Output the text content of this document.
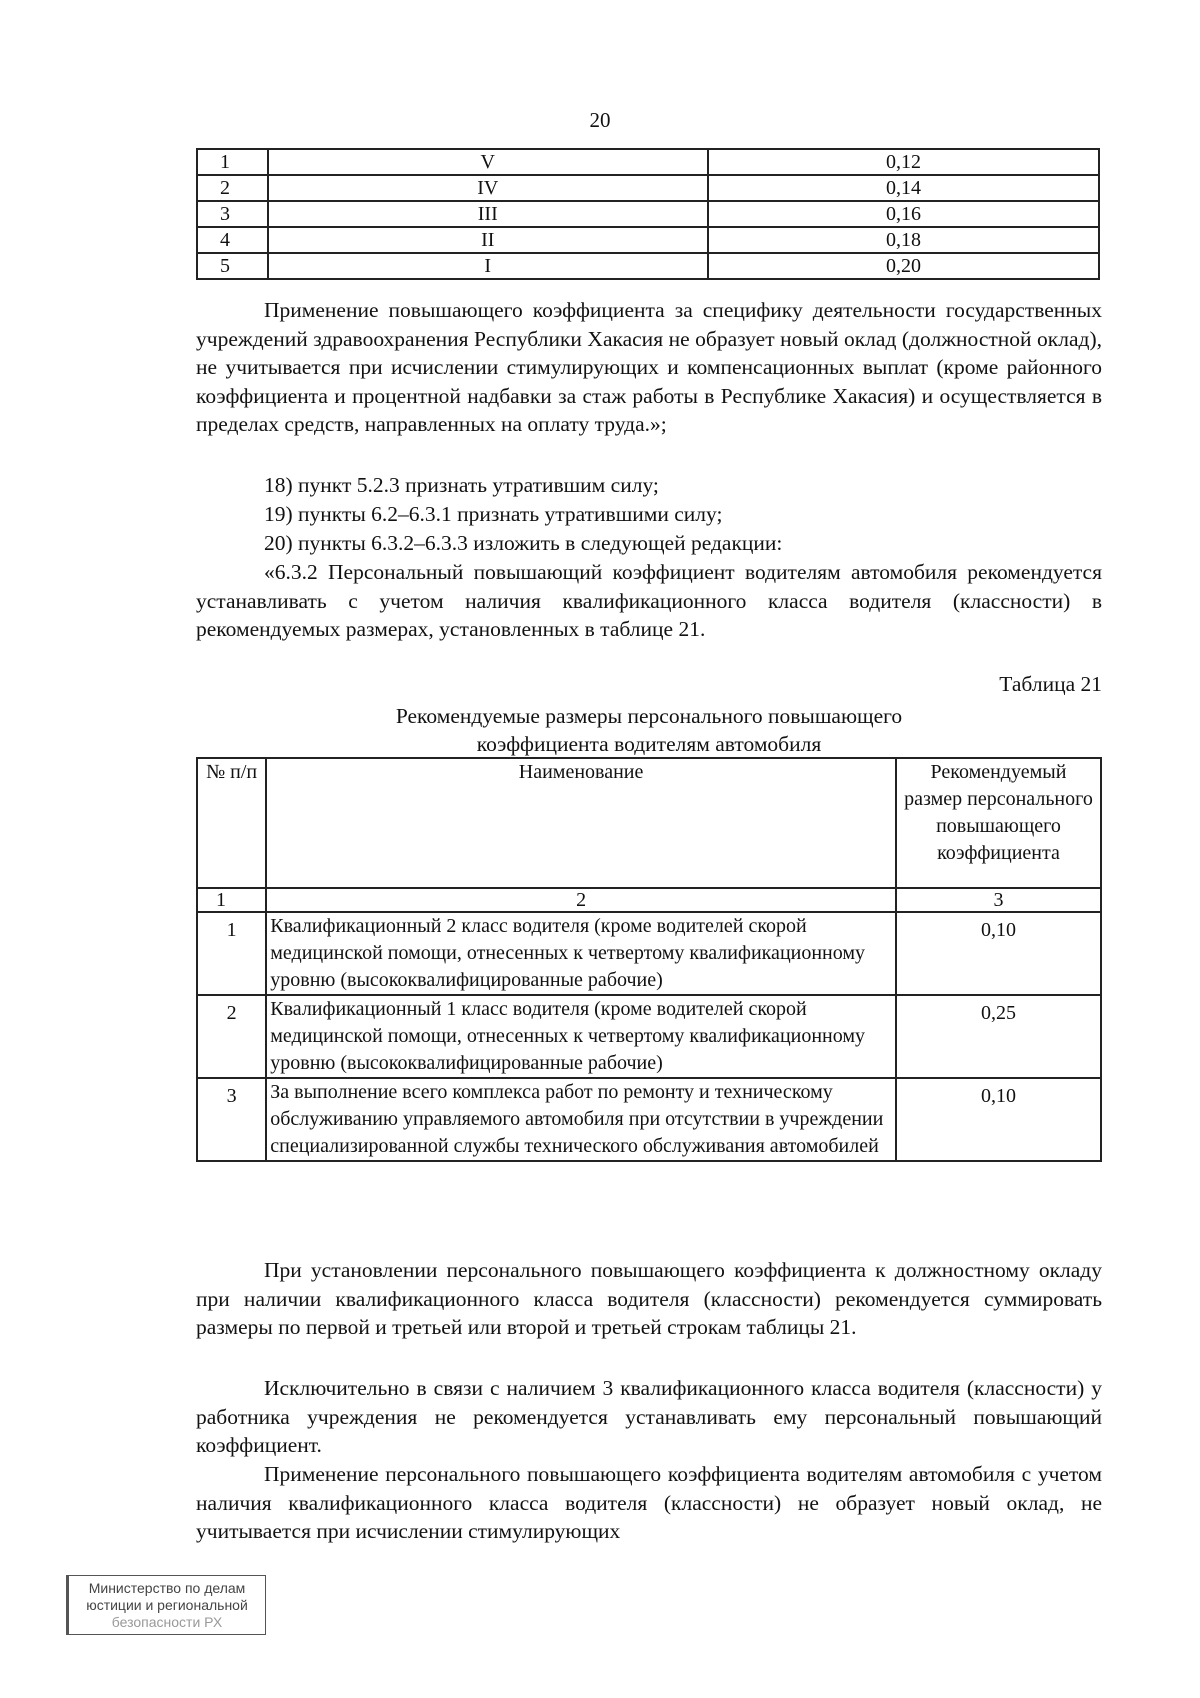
20
1	V	0,12
2	IV	0,14
3	III	0,16
4	II	0,18
5	I	0,20

Применение повышающего коэффициента за специфику деятельности государственных учреждений здравоохранения Республики Хакасия не образует новый оклад (должностной оклад), не учитывается при исчислении стимулирующих и компенсационных выплат (кроме районного коэффициента и процентной надбавки за стаж работы в Республике Хакасия) и осуществляется в пределах средств, направленных на оплату труда.»;

18) пункт 5.2.3 признать утратившим силу;

19) пункты 6.2–6.3.1 признать утратившими силу;

20) пункты 6.3.2–6.3.3 изложить в следующей редакции:

«6.3.2 Персональный повышающий коэффициент водителям автомобиля рекомендуется устанавливать с учетом наличия квалификационного класса водителя (классности) в рекомендуемых размерах, установленных в таблице 21.

Таблица 21
Рекомендуемые размеры персонального повышающего
коэффициента водителям автомобиля
№ п/п	Наименование	Рекомендуемый размер персонального повышающего коэффициента
1	2	3
1	Квалификационный 2 класс водителя (кроме водителей скорой медицинской помощи, отнесенных к четвертому квалификационному уровню (высококвалифицированные рабочие)	0,10
2	Квалификационный 1 класс водителя (кроме водителей скорой медицинской помощи, отнесенных к четвертому квалификационному уровню (высококвалифицированные рабочие)	0,25
3	За выполнение всего комплекса работ по ремонту и техническому обслуживанию управляемого автомобиля при отсутствии в учреждении специализированной службы технического обслуживания автомобилей	0,10

При установлении персонального повышающего коэффициента к должностному окладу при наличии квалификационного класса водителя (классности) рекомендуется суммировать размеры по первой и третьей или второй и третьей строкам таблицы 21.

Исключительно в связи с наличием 3 квалификационного класса водителя (классности) у работника учреждения не рекомендуется устанавливать ему персональный повышающий коэффициент.

Применение персонального повышающего коэффициента водителям автомобиля с учетом наличия квалификационного класса водителя (классности) не образует новый оклад, не учитывается при исчислении стимулирующих

Министерство по делам
юстиции и региональной
безопасности РХ
